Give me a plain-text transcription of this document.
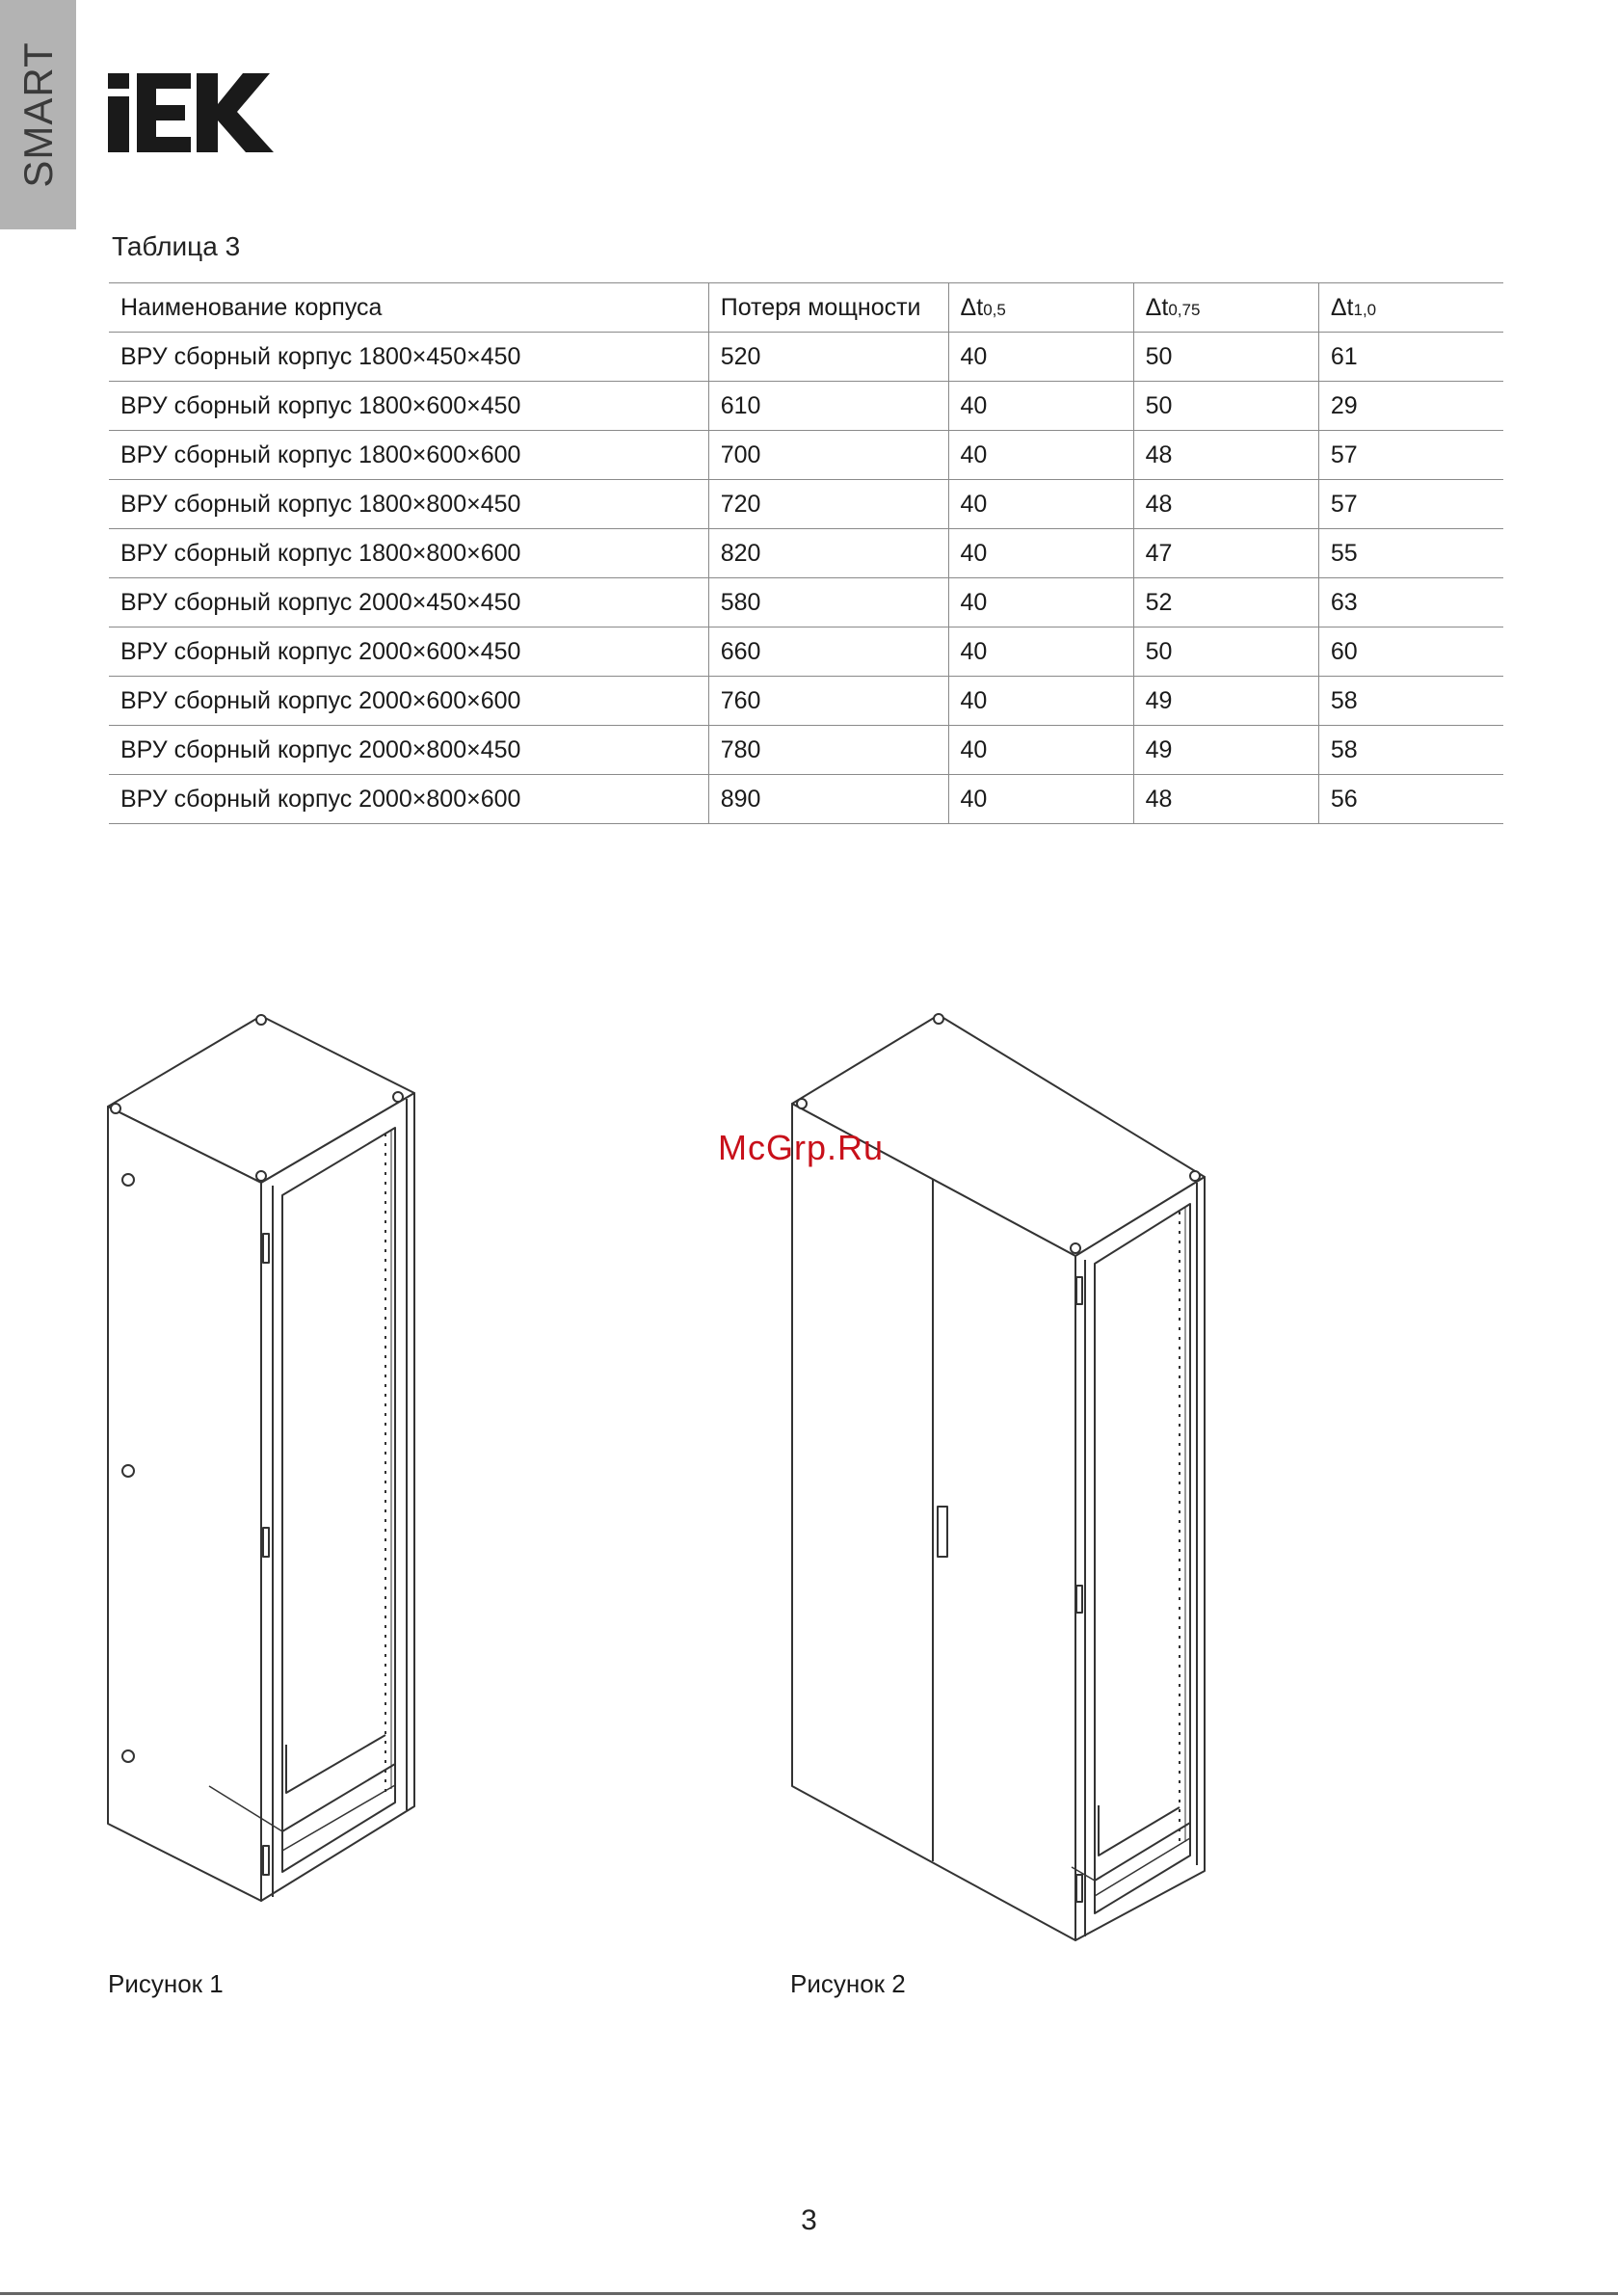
SMART
Таблица 3
Наименование корпуса	Потеря мощности	Δt0,5	Δt0,75	Δt1,0
ВРУ сборный корпус 1800×450×450	520	40	50	61
ВРУ сборный корпус 1800×600×450	610	40	50	29
ВРУ сборный корпус 1800×600×600	700	40	48	57
ВРУ сборный корпус 1800×800×450	720	40	48	57
ВРУ сборный корпус 1800×800×600	820	40	47	55
ВРУ сборный корпус 2000×450×450	580	40	52	63
ВРУ сборный корпус 2000×600×450	660	40	50	60
ВРУ сборный корпус 2000×600×600	760	40	49	58
ВРУ сборный корпус 2000×800×450	780	40	49	58
ВРУ сборный корпус 2000×800×600	890	40	48	56
McGrp.Ru
Рисунок 1	Рисунок 2
3
